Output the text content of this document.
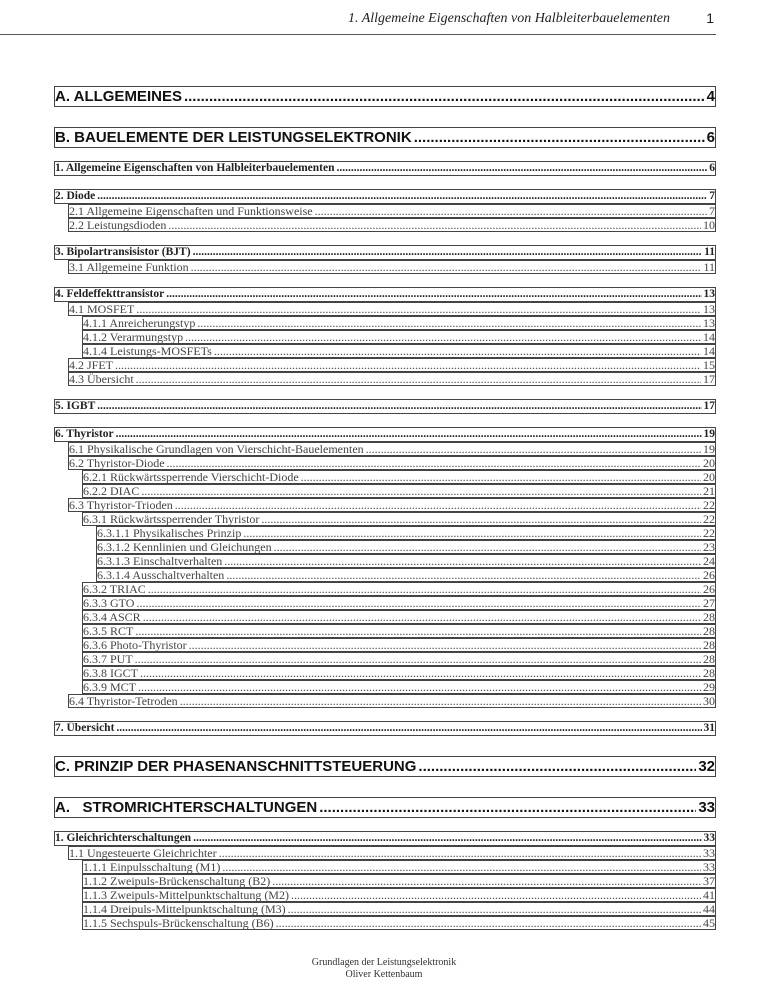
1. Allgemeine Eigenschaften von Halbleiterbauelementen	1
A. ALLGEMEINES .....	4
B. BAUELEMENTE DER LEISTUNGSELEKTRONIK .....	6
1. Allgemeine Eigenschaften von Halbleiterbauelementen .....	6
2. Diode .....	7
2.1 Allgemeine Eigenschaften und Funktionsweise .....	7
2.2 Leistungsdioden .....	10
3. Bipolartransisistor (BJT) .....	11
3.1 Allgemeine Funktion .....	11
4. Feldeffekttransistor .....	13
4.1 MOSFET .....	13
4.1.1 Anreicherungstyp .....	13
4.1.2 Verarmungstyp .....	14
4.1.4 Leistungs-MOSFETs .....	14
4.2 JFET .....	15
4.3 Übersicht .....	17
5. IGBT .....	17
6. Thyristor .....	19
6.1 Physikalische Grundlagen von Vierschicht-Bauelementen .....	19
6.2 Thyristor-Diode .....	20
6.2.1 Rückwärtssperrende Vierschicht-Diode .....	20
6.2.2 DIAC .....	21
6.3 Thyristor-Trioden .....	22
6.3.1 Rückwärtssperrender Thyristor .....	22
6.3.1.1 Physikalisches Prinzip .....	22
6.3.1.2 Kennlinien und Gleichungen .....	23
6.3.1.3 Einschaltverhalten .....	24
6.3.1.4 Ausschaltverhalten .....	26
6.3.2 TRIAC .....	26
6.3.3 GTO .....	27
6.3.4 ASCR .....	28
6.3.5 RCT .....	28
6.3.6 Photo-Thyristor .....	28
6.3.7 PUT .....	28
6.3.8 IGCT .....	28
6.3.9 MCT .....	29
6.4 Thyristor-Tetroden .....	30
7. Übersicht .....	31
C. PRINZIP DER PHASENANSCHNITTSTEUERUNG .....	32
A.   STROMRICHTERSCHALTUNGEN .....	33
1. Gleichrichterschaltungen .....	33
1.1 Ungesteuerte Gleichrichter .....	33
1.1.1 Einpulsschaltung (M1) .....	33
1.1.2 Zweipuls-Brückenschaltung (B2) .....	37
1.1.3 Zweipuls-Mittelpunktschaltung (M2) .....	41
1.1.4 Dreipuls-Mittelpunktschaltung (M3) .....	44
1.1.5 Sechspuls-Brückenschaltung (B6) .....	45
Grundlagen der Leistungselektronik
Oliver Kettenbaum
